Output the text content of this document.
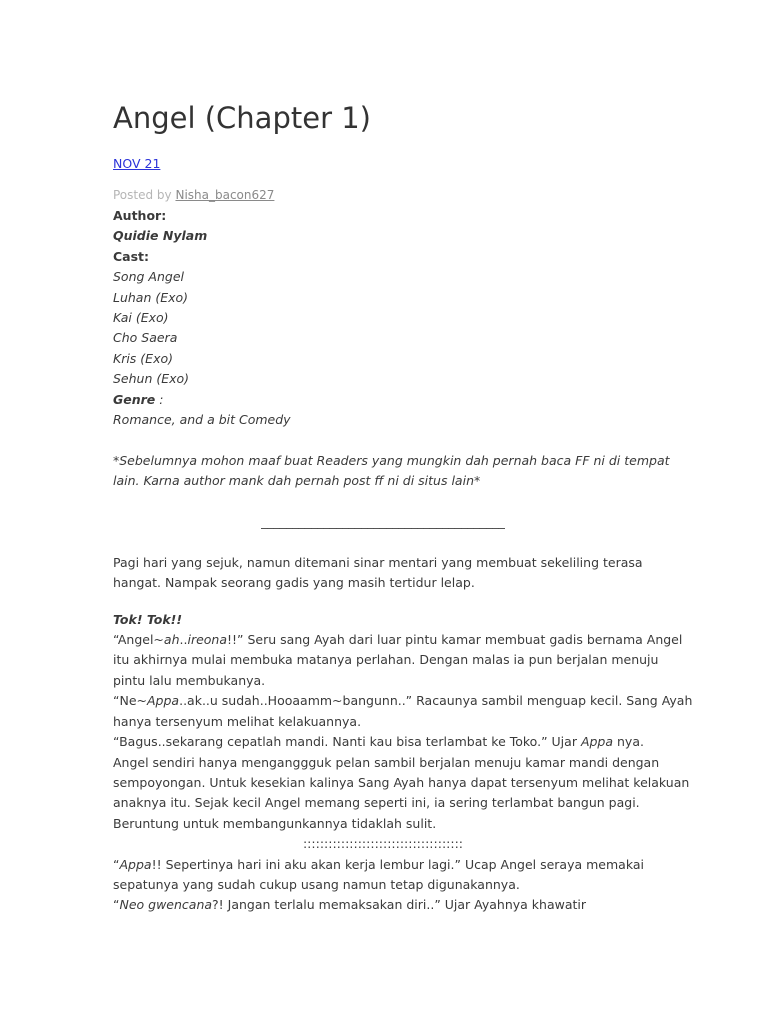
Angel (Chapter 1)
NOV 21
Posted by Nisha_bacon627
Author:
Quidie Nylam
Cast:
Song Angel
Luhan (Exo)
Kai (Exo)
Cho Saera
Kris (Exo)
Sehun (Exo)
Genre :
Romance, and a bit Comedy
*Sebelumnya mohon maaf buat Readers yang mungkin dah pernah baca FF ni di tempat
lain. Karna author mank dah pernah post ff ni di situs lain*
_______________________________________
Pagi hari yang sejuk, namun ditemani sinar mentari yang membuat sekeliling terasa
hangat. Nampak seorang gadis yang masih tertidur lelap.
Tok! Tok!!
“Angel~ah..ireona!!” Seru sang Ayah dari luar pintu kamar membuat gadis bernama Angel
itu akhirnya mulai membuka matanya perlahan. Dengan malas ia pun berjalan menuju
pintu lalu membukanya.
“Ne~Appa..ak..u sudah..Hooaamm~bangunn..” Racaunya sambil menguap kecil. Sang Ayah
hanya tersenyum melihat kelakuannya.
“Bagus..sekarang cepatlah mandi. Nanti kau bisa terlambat ke Toko.” Ujar Appa nya.
Angel sendiri hanya menganggguk pelan sambil berjalan menuju kamar mandi dengan
sempoyongan. Untuk kesekian kalinya Sang Ayah hanya dapat tersenyum melihat kelakuan
anaknya itu. Sejak kecil Angel memang seperti ini, ia sering terlambat bangun pagi.
Beruntung untuk membangunkannya tidaklah sulit.
::::::::::::::::::::::::::::::::::::::
“Appa!! Sepertinya hari ini aku akan kerja lembur lagi.” Ucap Angel seraya memakai
sepatunya yang sudah cukup usang namun tetap digunakannya.
“Neo gwencana?! Jangan terlalu memaksakan diri..” Ujar Ayahnya khawatir
